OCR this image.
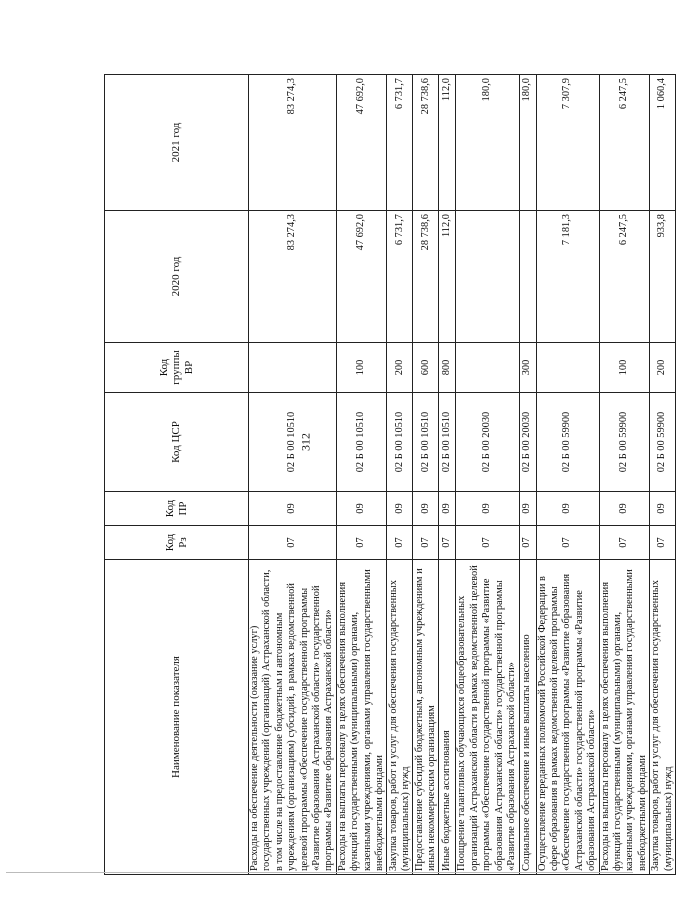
312
Наименование показателя	Код Рз	Код ПР	Код ЦСР	Код группы ВР	2020 год	2021 год
Расходы на обеспечение деятельности (оказание услуг) государственных учреждений (организаций) Астраханской области, в том числе на предоставление бюджетным и автономным учреждениям (организациям) субсидий, в рамках ведомственной целевой программы «Обеспечение государственной программы «Развитие образования Астраханской области» государственной программы «Развитие образования Астраханской области»	07	09	02 Б 00 10510		83 274,3	83 274,3
Расходы на выплаты персоналу в целях обеспечения выполнения функций государственными (муниципальными) органами, казенными учреждениями, органами управления государственными внебюджетными фондами	07	09	02 Б 00 10510	100	47 692,0	47 692,0
Закупка товаров, работ и услуг для обеспечения государственных (муниципальных) нужд	07	09	02 Б 00 10510	200	6 731,7	6 731,7
Предоставление субсидий бюджетным, автономным учреждениям и иным некоммерческим организациям	07	09	02 Б 00 10510	600	28 738,6	28 738,6
Иные бюджетные ассигнования	07	09	02 Б 00 10510	800	112,0	112,0
Поощрение талантливых обучающихся общеобразовательных организаций Астраханской области в рамках ведомственной целевой программы «Обеспечение государственной программы «Развитие образования Астраханской области» государственной программы «Развитие образования Астраханской области»	07	09	02 Б 00 20030			180,0
Социальное обеспечение и иные выплаты населению	07	09	02 Б 00 20030	300		180,0
Осуществление переданных полномочий Российской Федерации в сфере образования в рамках ведомственной целевой программы «Обеспечение государственной программы «Развитие образования Астраханской области» государственной программы «Развитие образования Астраханской области»	07	09	02 Б 00 59900		7 181,3	7 307,9
Расходы на выплаты персоналу в целях обеспечения выполнения функций государственными (муниципальными) органами, казенными учреждениями, органами управления государственными внебюджетными фондами	07	09	02 Б 00 59900	100	6 247,5	6 247,5
Закупка товаров, работ и услуг для обеспечения государственных (муниципальных) нужд	07	09	02 Б 00 59900	200	933,8	1 060,4
